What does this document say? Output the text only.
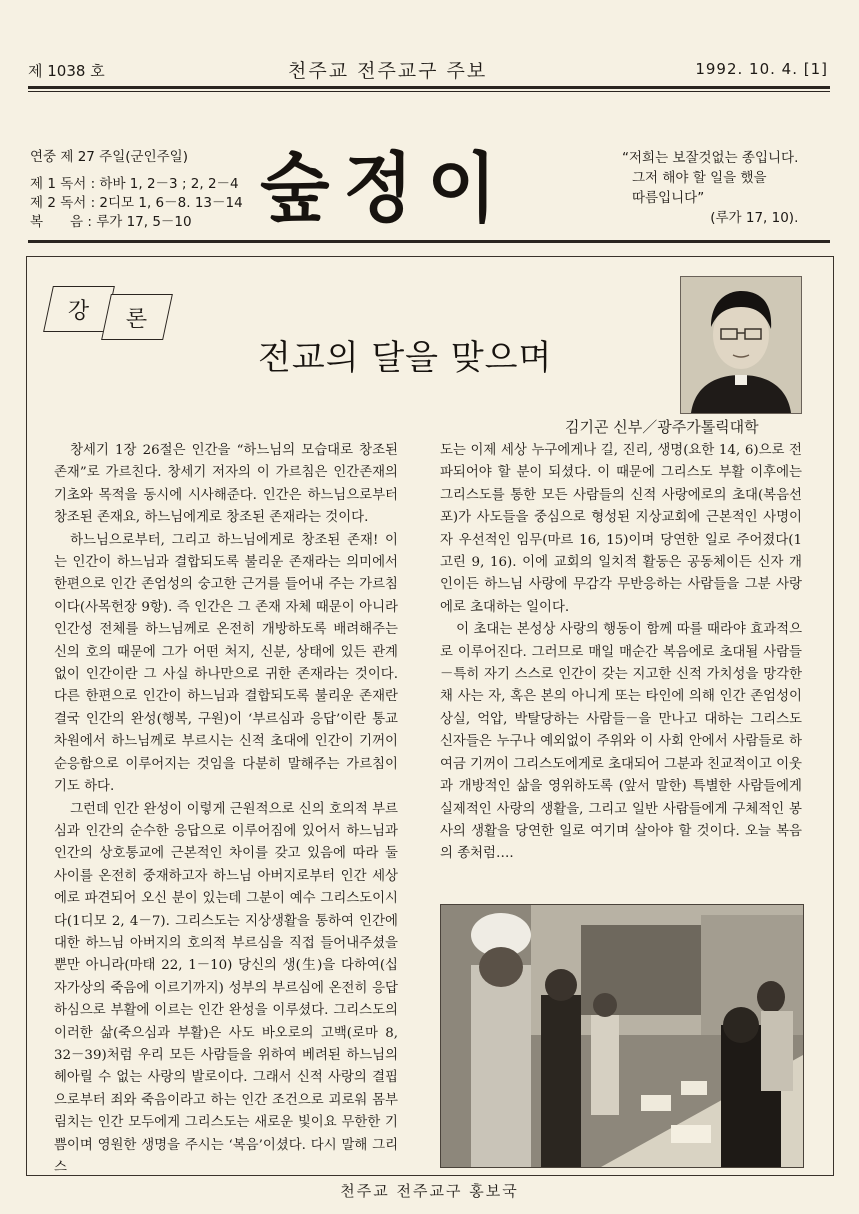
제 1038 호	천주교 전주교구 주보	1992. 10. 4. [1]
연중 제 27 주일(군인주일)
제 1 독서 : 하바 1, 2－3 ; 2, 2－4
제 2 독서 : 2디모 1, 6－8. 13－14
복　　음 : 루가 17, 5－10 숲정이	“저희는 보잘것없는 종입니다.
그저 해야 할 일을 했을
따름입니다”
(루가 17, 10).
강 론
전교의 달을 맞으며
김기곤 신부／광주가톨릭대학

창세기 1장 26절은 인간을 “하느님의 모습대로 창조된 존재”로 가르친다. 창세기 저자의 이 가르침은 인간존재의 기초와 목적을 동시에 시사해준다. 인간은 하느님으로부터 창조된 존재요, 하느님에게로 창조된 존재라는 것이다.

하느님으로부터, 그리고 하느님에게로 창조된 존재! 이는 인간이 하느님과 결합되도록 불리운 존재라는 의미에서 한편으로 인간 존엄성의 숭고한 근거를 들어내 주는 가르침이다(사목헌장 9항). 즉 인간은 그 존재 자체 때문이 아니라 인간성 전체를 하느님께로 온전히 개방하도록 배려해주는 신의 호의 때문에 그가 어떤 처지, 신분, 상태에 있든 관계없이 인간이란 그 사실 하나만으로 귀한 존재라는 것이다. 다른 한편으로 인간이 하느님과 결합되도록 불리운 존재란 결국 인간의 완성(행복, 구원)이 ‘부르심과 응답’이란 통교 차원에서 하느님께로 부르시는 신적 초대에 인간이 기꺼이 순응함으로 이루어지는 것임을 다분히 말해주는 가르침이기도 하다.

그런데 인간 완성이 이렇게 근원적으로 신의 호의적 부르심과 인간의 순수한 응답으로 이루어짐에 있어서 하느님과 인간의 상호통교에 근본적인 차이를 갖고 있음에 따라 둘 사이를 온전히 중재하고자 하느님 아버지로부터 인간 세상에로 파견되어 오신 분이 있는데 그분이 예수 그리스도이시다(1디모 2, 4－7). 그리스도는 지상생활을 통하여 인간에 대한 하느님 아버지의 호의적 부르심을 직접 들어내주셨을 뿐만 아니라(마태 22, 1－10) 당신의 생(生)을 다하여(십자가상의 죽음에 이르기까지) 성부의 부르심에 온전히 응답하심으로 부활에 이르는 인간 완성을 이루셨다. 그리스도의 이러한 삶(죽으심과 부활)은 사도 바오로의 고백(로마 8, 32－39)처럼 우리 모든 사람들을 위하여 베려된 하느님의 헤아릴 수 없는 사랑의 발로이다. 그래서 신적 사랑의 결핍으로부터 죄와 죽음이라고 하는 인간 조건으로 괴로워 몸부림치는 인간 모두에게 그리스도는 새로운 빛이요 무한한 기쁨이며 영원한 생명을 주시는 ‘복음’이셨다. 다시 말해 그리스

도는 이제 세상 누구에게나 길, 진리, 생명(요한 14, 6)으로 전파되어야 할 분이 되셨다. 이 때문에 그리스도 부활 이후에는 그리스도를 통한 모든 사람들의 신적 사랑에로의 초대(복음선포)가 사도들을 중심으로 형성된 지상교회에 근본적인 사명이자 우선적인 임무(마르 16, 15)이며 당연한 일로 주어졌다(1고린 9, 16). 이에 교회의 일치적 활동은 공동체이든 신자 개인이든 하느님 사랑에 무감각 무반응하는 사람들을 그분 사랑에로 초대하는 일이다.

이 초대는 본성상 사랑의 행동이 함께 따를 때라야 효과적으로 이루어진다. 그러므로 매일 매순간 복음에로 초대될 사람들－특히 자기 스스로 인간이 갖는 지고한 신적 가치성을 망각한 채 사는 자, 혹은 본의 아니게 또는 타인에 의해 인간 존엄성이 상실, 억압, 박탈당하는 사람들－을 만나고 대하는 그리스도 신자들은 누구나 예외없이 주위와 이 사회 안에서 사람들로 하여금 기꺼이 그리스도에게로 초대되어 그분과 친교적이고 이웃과 개방적인 삶을 영위하도록 (앞서 말한) 특별한 사람들에게 실제적인 사랑의 생활을, 그리고 일반 사람들에게 구체적인 봉사의 생활을 당연한 일로 여기며 살아야 할 것이다. 오늘 복음의 종처럼….

천주교 전주교구 홍보국
